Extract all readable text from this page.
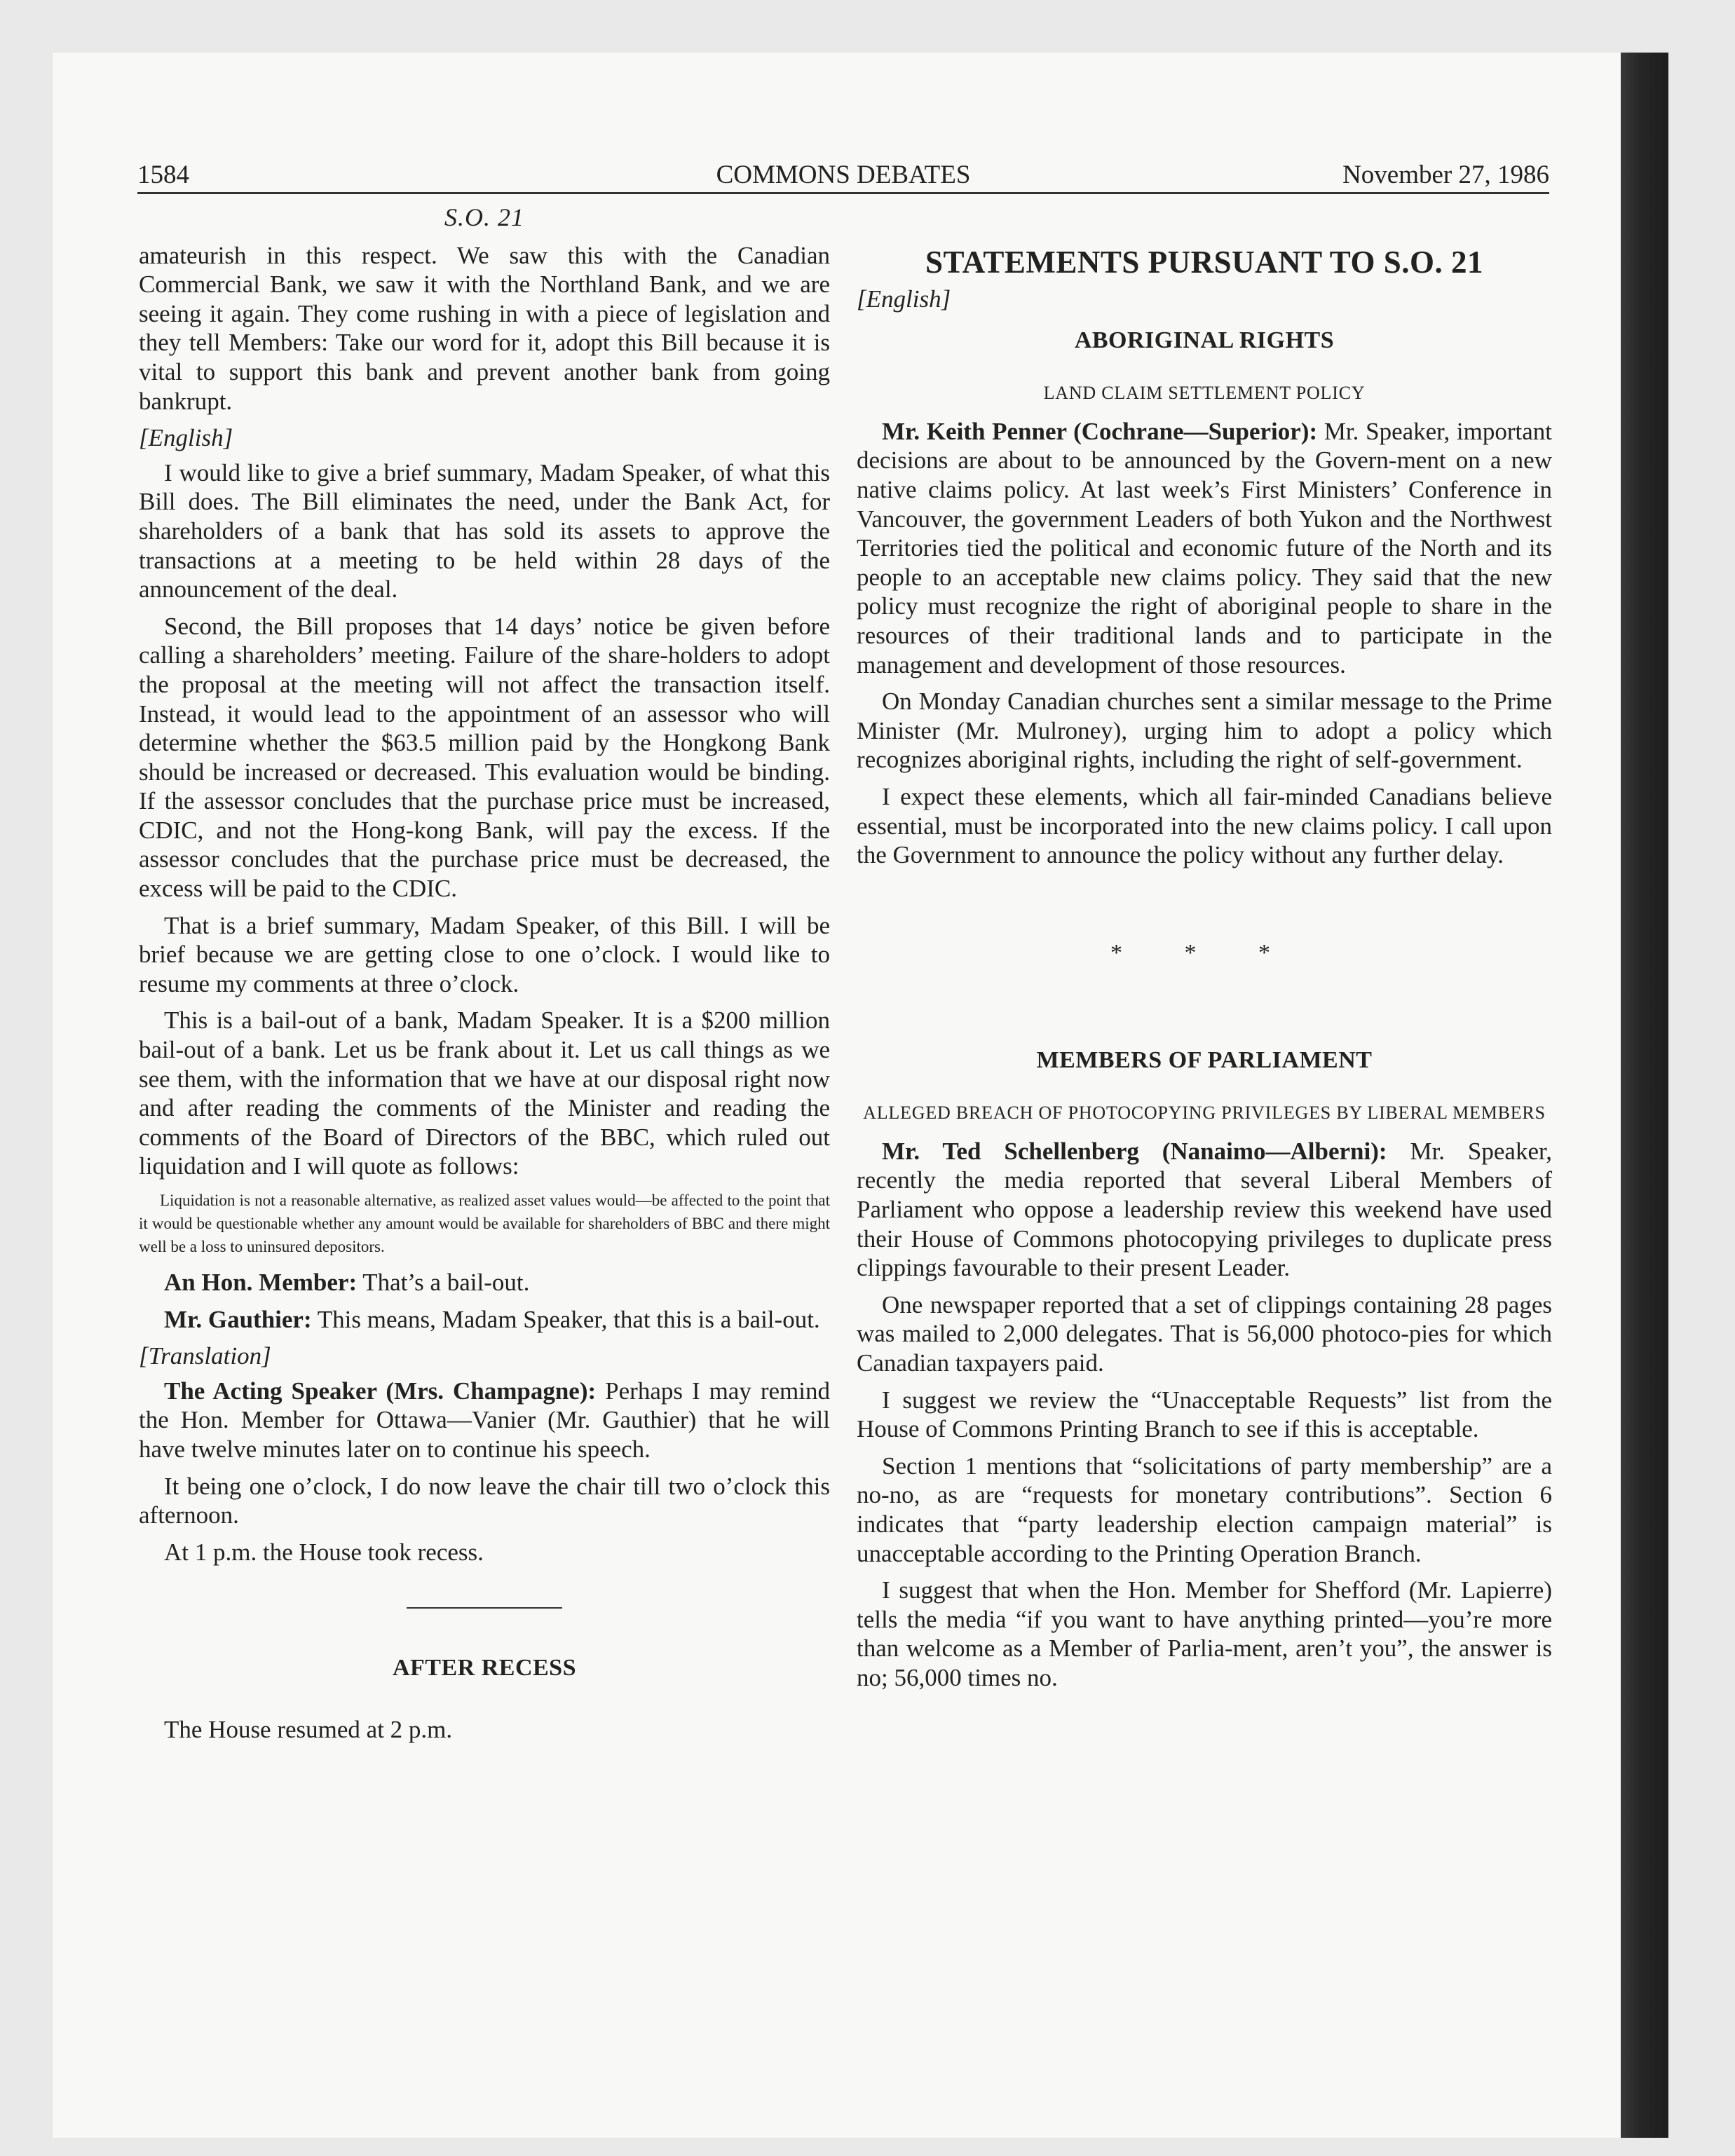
1584	COMMONS DEBATES	November 27, 1986
S.O. 21

amateurish in this respect. We saw this with the Canadian Commercial Bank, we saw it with the Northland Bank, and we are seeing it again. They come rushing in with a piece of legislation and they tell Members: Take our word for it, adopt this Bill because it is vital to support this bank and prevent another bank from going bankrupt.

[English]

I would like to give a brief summary, Madam Speaker, of what this Bill does. The Bill eliminates the need, under the Bank Act, for shareholders of a bank that has sold its assets to approve the transactions at a meeting to be held within 28 days of the announcement of the deal.

Second, the Bill proposes that 14 days’ notice be given before calling a shareholders’ meeting. Failure of the share-holders to adopt the proposal at the meeting will not affect the transaction itself. Instead, it would lead to the appointment of an assessor who will determine whether the $63.5 million paid by the Hongkong Bank should be increased or decreased. This evaluation would be binding. If the assessor concludes that the purchase price must be increased, CDIC, and not the Hong-kong Bank, will pay the excess. If the assessor concludes that the purchase price must be decreased, the excess will be paid to the CDIC.

That is a brief summary, Madam Speaker, of this Bill. I will be brief because we are getting close to one o’clock. I would like to resume my comments at three o’clock.

This is a bail-out of a bank, Madam Speaker. It is a $200 million bail-out of a bank. Let us be frank about it. Let us call things as we see them, with the information that we have at our disposal right now and after reading the comments of the Minister and reading the comments of the Board of Directors of the BBC, which ruled out liquidation and I will quote as follows:

Liquidation is not a reasonable alternative, as realized asset values would—be affected to the point that it would be questionable whether any amount would be available for shareholders of BBC and there might well be a loss to uninsured depositors.

An Hon. Member: That’s a bail-out.

Mr. Gauthier: This means, Madam Speaker, that this is a bail-out.

[Translation]

The Acting Speaker (Mrs. Champagne): Perhaps I may remind the Hon. Member for Ottawa—Vanier (Mr. Gauthier) that he will have twelve minutes later on to continue his speech.

It being one o’clock, I do now leave the chair till two o’clock this afternoon.

At 1 p.m. the House took recess.

AFTER RECESS

The House resumed at 2 p.m.

STATEMENTS PURSUANT TO S.O. 21

[English]

ABORIGINAL RIGHTS
LAND CLAIM SETTLEMENT POLICY

Mr. Keith Penner (Cochrane—Superior): Mr. Speaker, important decisions are about to be announced by the Govern-ment on a new native claims policy. At last week’s First Ministers’ Conference in Vancouver, the government Leaders of both Yukon and the Northwest Territories tied the political and economic future of the North and its people to an acceptable new claims policy. They said that the new policy must recognize the right of aboriginal people to share in the resources of their traditional lands and to participate in the management and development of those resources.

On Monday Canadian churches sent a similar message to the Prime Minister (Mr. Mulroney), urging him to adopt a policy which recognizes aboriginal rights, including the right of self-government.

I expect these elements, which all fair-minded Canadians believe essential, must be incorporated into the new claims policy. I call upon the Government to announce the policy without any further delay.

* * *
MEMBERS OF PARLIAMENT
ALLEGED BREACH OF PHOTOCOPYING PRIVILEGES BY LIBERAL MEMBERS

Mr. Ted Schellenberg (Nanaimo—Alberni): Mr. Speaker, recently the media reported that several Liberal Members of Parliament who oppose a leadership review this weekend have used their House of Commons photocopying privileges to duplicate press clippings favourable to their present Leader.

One newspaper reported that a set of clippings containing 28 pages was mailed to 2,000 delegates. That is 56,000 photoco-pies for which Canadian taxpayers paid.

I suggest we review the “Unacceptable Requests” list from the House of Commons Printing Branch to see if this is acceptable.

Section 1 mentions that “solicitations of party membership” are a no-no, as are “requests for monetary contributions”. Section 6 indicates that “party leadership election campaign material” is unacceptable according to the Printing Operation Branch.

I suggest that when the Hon. Member for Shefford (Mr. Lapierre) tells the media “if you want to have anything printed—you’re more than welcome as a Member of Parlia-ment, aren’t you”, the answer is no; 56,000 times no.
